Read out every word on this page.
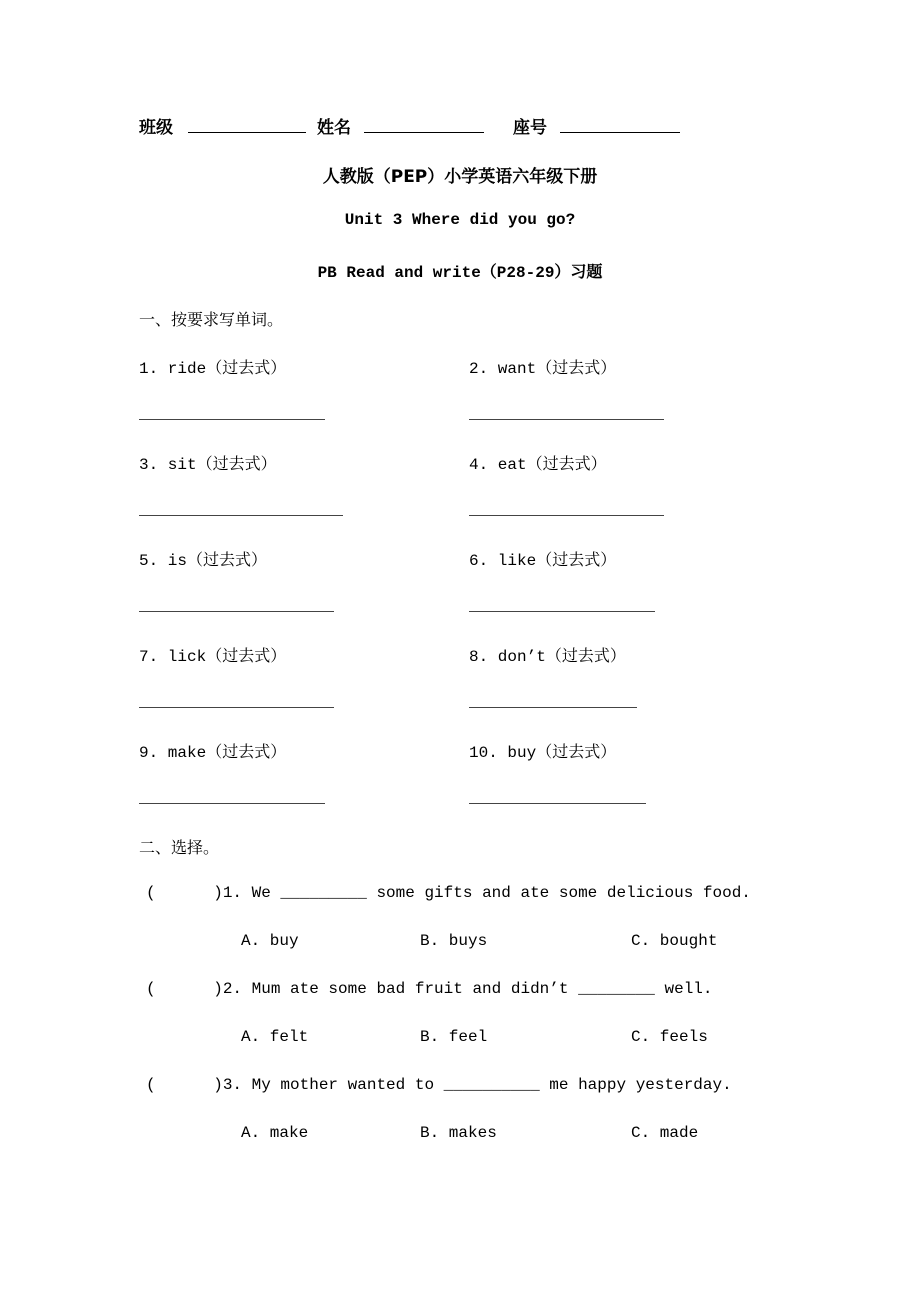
班级	姓名	座号
人教版（PEP）小学英语六年级下册
Unit 3 Where did you go?
PB Read and write（P28-29）习题
一、按要求写单词。
1. ride（过去式）	2. want（过去式）
3. sit（过去式）	4. eat（过去式）
5. is（过去式）	6. like（过去式）
7. lick（过去式）	8. don’t（过去式）
9. make（过去式）	10. buy（过去式）
二、选择。
(      )1. We _________ some gifts and ate some delicious food.
A. buy	B. buys	C. bought
(      )2. Mum ate some bad fruit and didn’t ________ well.
A. felt	B. feel	C. feels
(      )3. My mother wanted to __________ me happy yesterday.
A. make	B. makes	C. made
